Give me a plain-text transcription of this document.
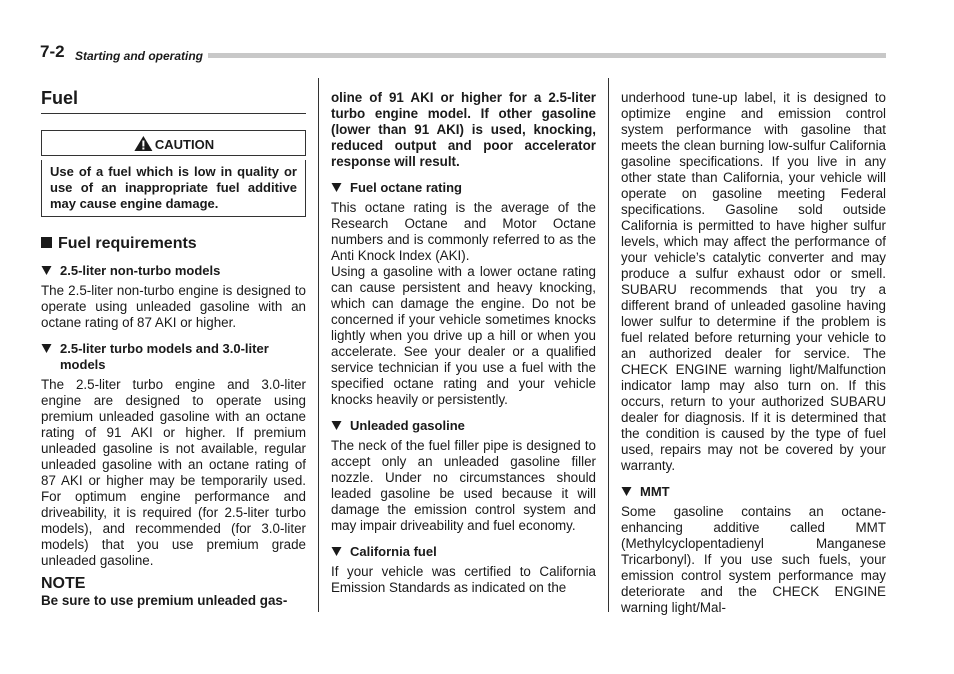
7-2 Starting and operating
Fuel
CAUTION

Use of a fuel which is low in quality or use of an inappropriate fuel additive may cause engine damage.

Fuel requirements
2.5-liter non-turbo models

The 2.5-liter non-turbo engine is designed to operate using unleaded gasoline with an octane rating of 87 AKI or higher.

2.5-liter turbo models and 3.0-liter models

The 2.5-liter turbo engine and 3.0-liter engine are designed to operate using premium unleaded gasoline with an octane rating of 91 AKI or higher. If premium unleaded gasoline is not available, regular unleaded gasoline with an octane rating of 87 AKI or higher may be temporarily used. For optimum engine performance and driveability, it is required (for 2.5-liter turbo models), and recommended (for 3.0-liter models) that you use premium grade unleaded gasoline.

NOTE

Be sure to use premium unleaded gas-

oline of 91 AKI or higher for a 2.5-liter turbo engine model. If other gasoline (lower than 91 AKI) is used, knocking, reduced output and poor accelerator response will result.

Fuel octane rating

This octane rating is the average of the Research Octane and Motor Octane numbers and is commonly referred to as the Anti Knock Index (AKI).

Using a gasoline with a lower octane rating can cause persistent and heavy knocking, which can damage the engine. Do not be concerned if your vehicle sometimes knocks lightly when you drive up a hill or when you accelerate. See your dealer or a qualified service technician if you use a fuel with the specified octane rating and your vehicle knocks heavily or persistently.

Unleaded gasoline

The neck of the fuel filler pipe is designed to accept only an unleaded gasoline filler nozzle. Under no circumstances should leaded gasoline be used because it will damage the emission control system and may impair driveability and fuel economy.

California fuel

If your vehicle was certified to California Emission Standards as indicated on the

underhood tune-up label, it is designed to optimize engine and emission control system performance with gasoline that meets the clean burning low-sulfur California gasoline specifications. If you live in any other state than California, your vehicle will operate on gasoline meeting Federal specifications. Gasoline sold outside California is permitted to have higher sulfur levels, which may affect the performance of your vehicle’s catalytic converter and may produce a sulfur exhaust odor or smell. SUBARU recommends that you try a different brand of unleaded gasoline having lower sulfur to determine if the problem is fuel related before returning your vehicle to an authorized dealer for service. The CHECK ENGINE warning light/Malfunction indicator lamp may also turn on. If this occurs, return to your authorized SUBARU dealer for diagnosis. If it is determined that the condition is caused by the type of fuel used, repairs may not be covered by your warranty.

MMT

Some gasoline contains an octane-enhancing additive called MMT (Methylcyclopentadienyl Manganese Tricarbonyl). If you use such fuels, your emission control system performance may deteriorate and the CHECK ENGINE warning light/Mal-
